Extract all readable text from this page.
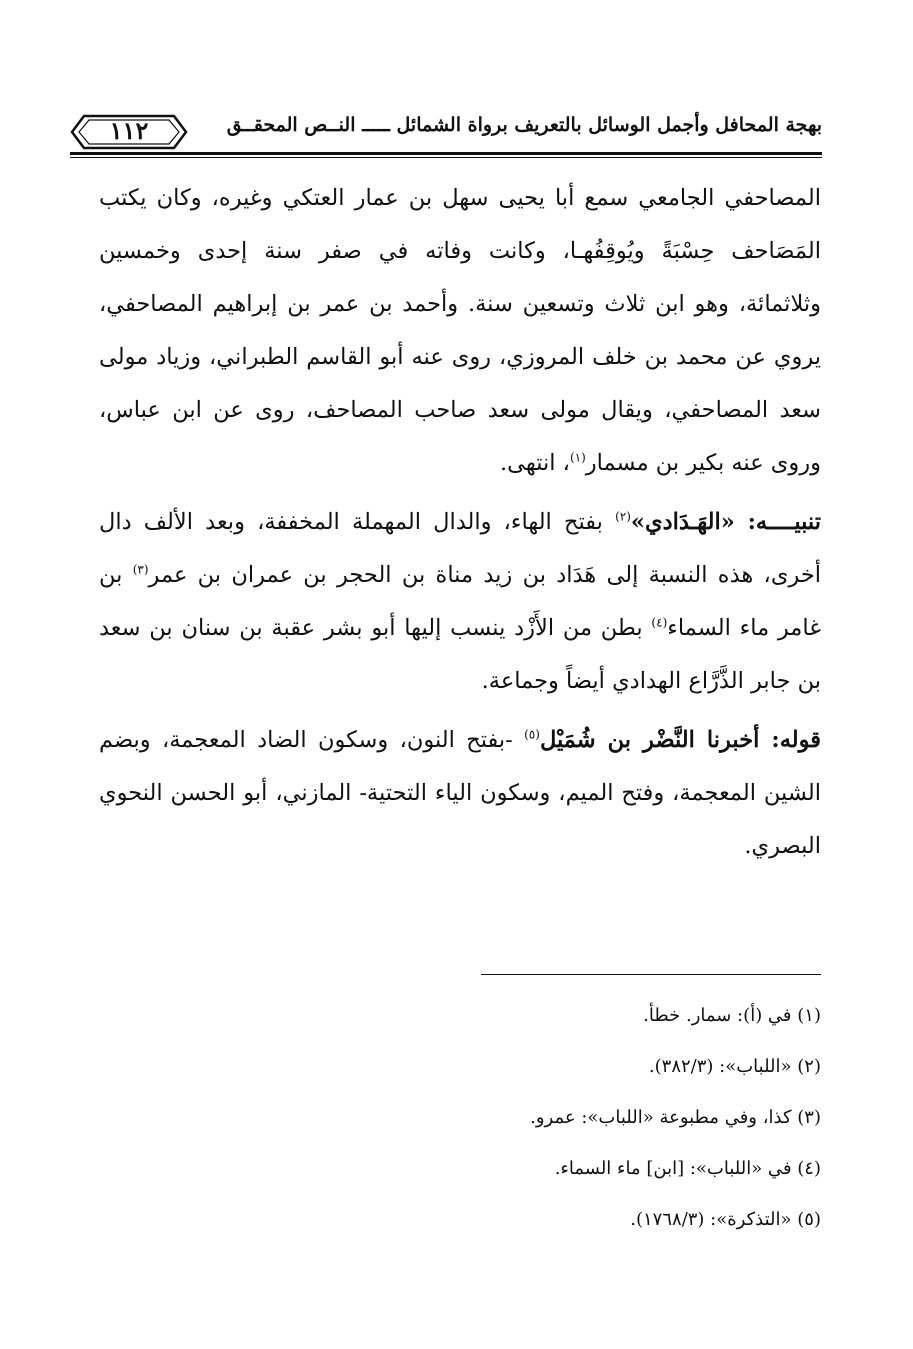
بهجة المحافل وأجمل الوسائل بالتعريف برواة الشمائل ـــــ النــص المحقــق
١١٢

المصاحفي الجامعي سمع أبا يحيى سهل بن عمار العتكي وغيره، وكان يكتب المَصَاحف حِسْبَةً ويُوقِفُهـا، وكانت وفاته في صفر سنة إحدى وخمسين وثلاثمائة، وهو ابن ثلاث وتسعين سنة. وأحمد بن عمر بن إبراهيم المصاحفي، يروي عن محمد بن خلف المروزي، روى عنه أبو القاسم الطبراني، وزياد مولى سعد المصاحفي، ويقال مولى سعد صاحب المصاحف، روى عن ابن عباس، وروى عنه بكير بن مسمار$^{(١)}$، انتهى.

تنبيــــه: «الهَـدَادي»$^{(٢)}$ بفتح الهاء، والدال المهملة المخففة، وبعد الألف دال أخرى، هذه النسبة إلى هَدَاد بن زيد مناة بن الحجر بن عمران بن عمر$^{(٣)}$ بن غامر ماء السماء$^{(٤)}$ بطن من الأَزْد ينسب إليها أبو بشر عقبة بن سنان بن سعد بن جابر الذَّرَّاع الهدادي أيضاً وجماعة.

قوله: أخبرنا النَّضْر بن شُمَيْل$^{(٥)}$ -بفتح النون، وسكون الضاد المعجمة، وبضم الشين المعجمة، وفتح الميم، وسكون الياء التحتية- المازني، أبو الحسن النحوي البصري.

(١) في (أ): سمار. خطأ.

(٢) «اللباب»: (٣٨٢/٣).

(٣) كذا، وفي مطبوعة «اللباب»: عمرو.

(٤) في «اللباب»: [ابن] ماء السماء.

(٥) «التذكرة»: (١٧٦٨/٣).
